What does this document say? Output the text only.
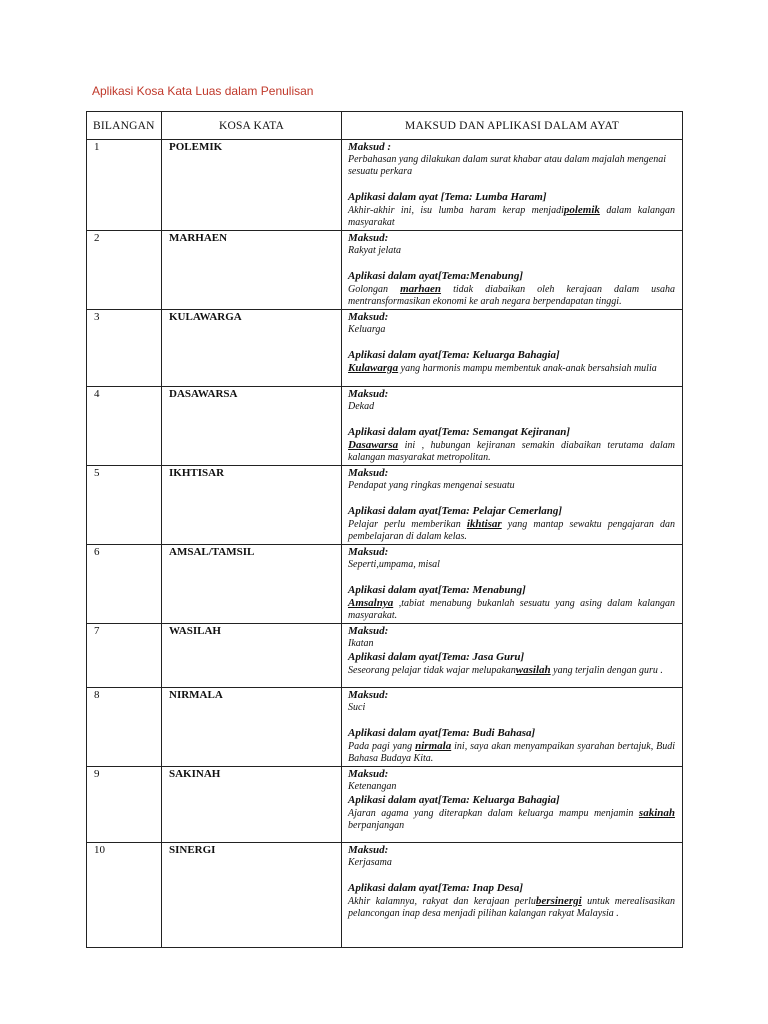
Aplikasi Kosa Kata Luas dalam Penulisan
BILANGAN	KOSA KATA	MAKSUD DAN APLIKASI DALAM AYAT
1	POLEMIK	Maksud :
Perbahasan yang dilakukan dalam surat khabar atau dalam majalah mengenai sesuatu perkara
Aplikasi dalam ayat [Tema: Lumba Haram]
Akhir-akhir ini, isu lumba haram kerap menjadipolemik dalam kalangan masyarakat

2	MARHAEN	Maksud:
Rakyat jelata
Aplikasi dalam ayat[Tema:Menabung]
Golongan marhaen tidak diabaikan oleh kerajaan dalam usaha mentransformasikan ekonomi ke arah negara berpendapatan tinggi.

3	KULAWARGA	Maksud:
Keluarga
Aplikasi dalam ayat[Tema: Keluarga Bahagia]
Kulawarga yang harmonis mampu membentuk anak-anak bersahsiah mulia

4	DASAWARSA	Maksud:
Dekad
Aplikasi dalam ayat[Tema: Semangat Kejiranan]
Dasawarsa ini , hubungan kejiranan semakin diabaikan terutama dalam kalangan masyarakat metropolitan.

5	IKHTISAR	Maksud:
Pendapat yang ringkas mengenai sesuatu
Aplikasi dalam ayat[Tema: Pelajar Cemerlang]
Pelajar perlu memberikan ikhtisar yang mantap sewaktu pengajaran dan pembelajaran di dalam kelas.

6	AMSAL/TAMSIL	Maksud:
Seperti,umpama, misal
Aplikasi dalam ayat[Tema: Menabung]
Amsalnya ,tabiat menabung bukanlah sesuatu yang asing dalam kalangan masyarakat.

7	WASILAH	Maksud:
Ikatan
Aplikasi dalam ayat[Tema: Jasa Guru]
Seseorang pelajar tidak wajar melupakanwasilah yang terjalin dengan guru .

8	NIRMALA	Maksud:
Suci
Aplikasi dalam ayat[Tema: Budi Bahasa]
Pada pagi yang nirmala ini, saya akan menyampaikan syarahan bertajuk, Budi Bahasa Budaya Kita.

9	SAKINAH	Maksud:
Ketenangan
Aplikasi dalam ayat[Tema: Keluarga Bahagia]
Ajaran agama yang diterapkan dalam keluarga mampu menjamin sakinah berpanjangan

10	SINERGI	Maksud:
Kerjasama
Aplikasi dalam ayat[Tema: Inap Desa]
Akhir kalamnya, rakyat dan kerajaan perlubersinergi untuk merealisasikan pelancongan inap desa menjadi pilihan kalangan rakyat Malaysia .
